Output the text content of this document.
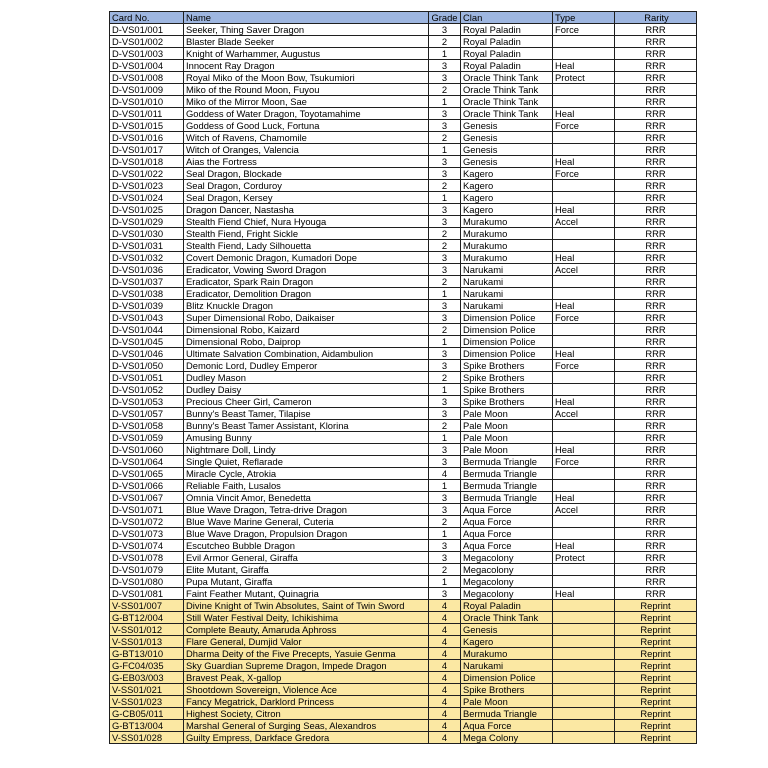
Card No.	Name	Grade	Clan	Type	Rarity
D-VS01/001	Seeker, Thing Saver Dragon	3	Royal Paladin	Force	RRR
D-VS01/002	Blaster Blade Seeker	2	Royal Paladin		RRR
D-VS01/003	Knight of Warhammer, Augustus	1	Royal Paladin		RRR
D-VS01/004	Innocent Ray Dragon	3	Royal Paladin	Heal	RRR
D-VS01/008	Royal Miko of the Moon Bow, Tsukumiori	3	Oracle Think Tank	Protect	RRR
D-VS01/009	Miko of the Round Moon, Fuyou	2	Oracle Think Tank		RRR
D-VS01/010	Miko of the Mirror Moon, Sae	1	Oracle Think Tank		RRR
D-VS01/011	Goddess of Water Dragon, Toyotamahime	3	Oracle Think Tank	Heal	RRR
D-VS01/015	Goddess of Good Luck, Fortuna	3	Genesis	Force	RRR
D-VS01/016	Witch of Ravens, Chamomile	2	Genesis		RRR
D-VS01/017	Witch of Oranges, Valencia	1	Genesis		RRR
D-VS01/018	Aias the Fortress	3	Genesis	Heal	RRR
D-VS01/022	Seal Dragon, Blockade	3	Kagero	Force	RRR
D-VS01/023	Seal Dragon, Corduroy	2	Kagero		RRR
D-VS01/024	Seal Dragon, Kersey	1	Kagero		RRR
D-VS01/025	Dragon Dancer, Nastasha	3	Kagero	Heal	RRR
D-VS01/029	Stealth Fiend Chief, Nura Hyouga	3	Murakumo	Accel	RRR
D-VS01/030	Stealth Fiend, Fright Sickle	2	Murakumo		RRR
D-VS01/031	Stealth Fiend, Lady Silhouetta	2	Murakumo		RRR
D-VS01/032	Covert Demonic Dragon, Kumadori Dope	3	Murakumo	Heal	RRR
D-VS01/036	Eradicator, Vowing Sword Dragon	3	Narukami	Accel	RRR
D-VS01/037	Eradicator, Spark Rain Dragon	2	Narukami		RRR
D-VS01/038	Eradicator, Demolition Dragon	1	Narukami		RRR
D-VS01/039	Blitz Knuckle Dragon	3	Narukami	Heal	RRR
D-VS01/043	Super Dimensional Robo, Daikaiser	3	Dimension Police	Force	RRR
D-VS01/044	Dimensional Robo, Kaizard	2	Dimension Police		RRR
D-VS01/045	Dimensional Robo, Daiprop	1	Dimension Police		RRR
D-VS01/046	Ultimate Salvation Combination, Aidambulion	3	Dimension Police	Heal	RRR
D-VS01/050	Demonic Lord, Dudley Emperor	3	Spike Brothers	Force	RRR
D-VS01/051	Dudley Mason	2	Spike Brothers		RRR
D-VS01/052	Dudley Daisy	1	Spike Brothers		RRR
D-VS01/053	Precious Cheer Girl, Cameron	3	Spike Brothers	Heal	RRR
D-VS01/057	Bunny's Beast Tamer, Tilapise	3	Pale Moon	Accel	RRR
D-VS01/058	Bunny's Beast Tamer Assistant, Klorina	2	Pale Moon		RRR
D-VS01/059	Amusing Bunny	1	Pale Moon		RRR
D-VS01/060	Nightmare Doll, Lindy	3	Pale Moon	Heal	RRR
D-VS01/064	Single Quiet, Reflarade	3	Bermuda Triangle	Force	RRR
D-VS01/065	Miracle Cycle, Atrokia	4	Bermuda Triangle		RRR
D-VS01/066	Reliable Faith, Lusalos	1	Bermuda Triangle		RRR
D-VS01/067	Omnia Vincit Amor, Benedetta	3	Bermuda Triangle	Heal	RRR
D-VS01/071	Blue Wave Dragon, Tetra-drive Dragon	3	Aqua Force	Accel	RRR
D-VS01/072	Blue Wave Marine General, Cuteria	2	Aqua Force		RRR
D-VS01/073	Blue Wave Dragon, Propulsion Dragon	1	Aqua Force		RRR
D-VS01/074	Escutcheo Bubble Dragon	3	Aqua Force	Heal	RRR
D-VS01/078	Evil Armor General, Giraffa	3	Megacolony	Protect	RRR
D-VS01/079	Elite Mutant, Giraffa	2	Megacolony		RRR
D-VS01/080	Pupa Mutant, Giraffa	1	Megacolony		RRR
D-VS01/081	Faint Feather Mutant, Quinagria	3	Megacolony	Heal	RRR
V-SS01/007	Divine Knight of Twin Absolutes, Saint of Twin Sword	4	Royal Paladin		Reprint
G-BT12/004	Still Water Festival Deity, Ichikishima	4	Oracle Think Tank		Reprint
V-SS01/012	Complete Beauty, Amaruda Aphross	4	Genesis		Reprint
V-SS01/013	Flare General, Dumjid Valor	4	Kagero		Reprint
G-BT13/010	Dharma Deity of the Five Precepts, Yasuie Genma	4	Murakumo		Reprint
G-FC04/035	Sky Guardian Supreme Dragon, Impede Dragon	4	Narukami		Reprint
G-EB03/003	Bravest Peak, X-gallop	4	Dimension Police		Reprint
V-SS01/021	Shootdown Sovereign, Violence Ace	4	Spike Brothers		Reprint
V-SS01/023	Fancy Megatrick, Darklord Princess	4	Pale Moon		Reprint
G-CB05/011	Highest Society, Citron	4	Bermuda Triangle		Reprint
G-BT13/004	Marshal General of Surging Seas, Alexandros	4	Aqua Force		Reprint
V-SS01/028	Guilty Empress, Darkface Gredora	4	Mega Colony		Reprint
